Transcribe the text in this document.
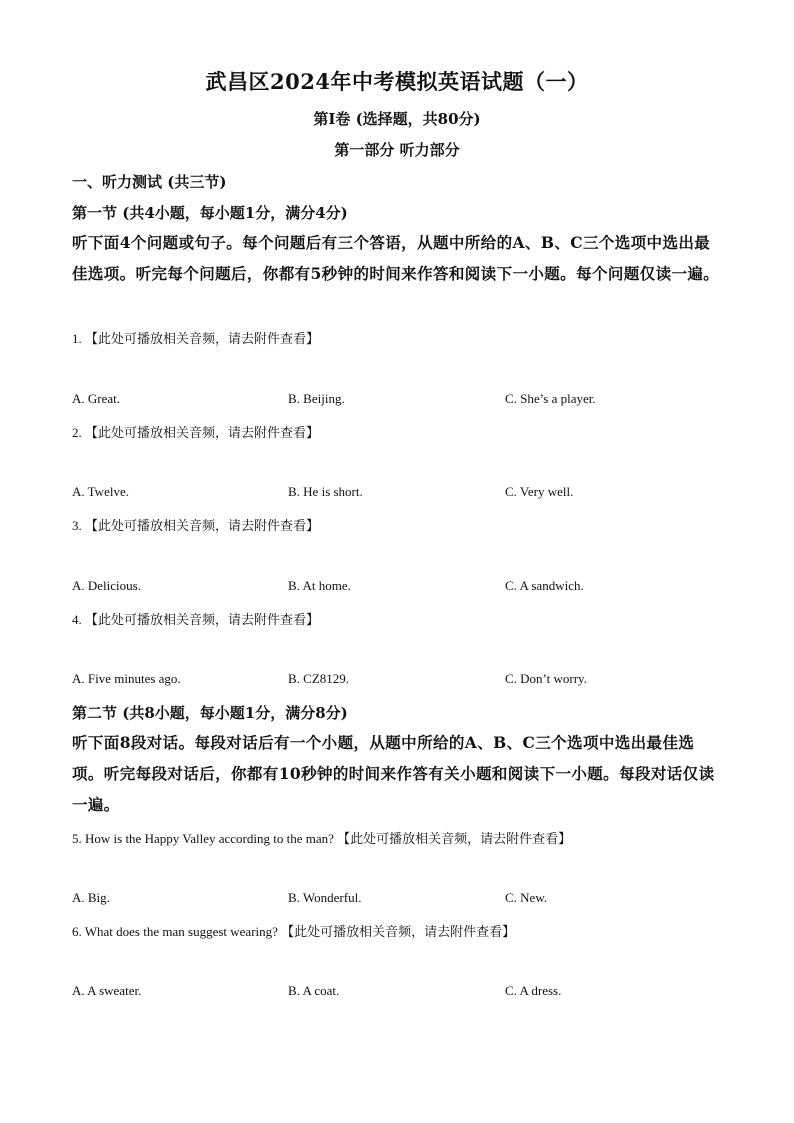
武昌区2024年中考模拟英语试题（一）
第Ⅰ卷 (选择题，共80分)
第一部分 听力部分
一、听力测试 (共三节)
第一节 (共4小题，每小题1分，满分4分)
听下面4个问题或句子。每个问题后有三个答语，从题中所给的A、B、C三个选项中选出最佳选项。听完每个问题后，你都有5秒钟的时间来作答和阅读下一小题。每个问题仅读一遍。
1. 【此处可播放相关音频，请去附件查看】
A. Great.	B. Beijing.	C. She’s a player.
2. 【此处可播放相关音频，请去附件查看】
A. Twelve.	B. He is short.	C. Very well.
3. 【此处可播放相关音频，请去附件查看】
A. Delicious.	B. At home.	C. A sandwich.
4. 【此处可播放相关音频，请去附件查看】
A. Five minutes ago.	B. CZ8129.	C. Don’t worry.
第二节 (共8小题，每小题1分，满分8分)
听下面8段对话。每段对话后有一个小题，从题中所给的A、B、C三个选项中选出最佳选项。听完每段对话后，你都有10秒钟的时间来作答有关小题和阅读下一小题。每段对话仅读一遍。
5. How is the Happy Valley according to the man? 【此处可播放相关音频，请去附件查看】
A. Big.	B. Wonderful.	C. New.
6. What does the man suggest wearing? 【此处可播放相关音频，请去附件查看】
A. A sweater.	B. A coat.	C. A dress.
